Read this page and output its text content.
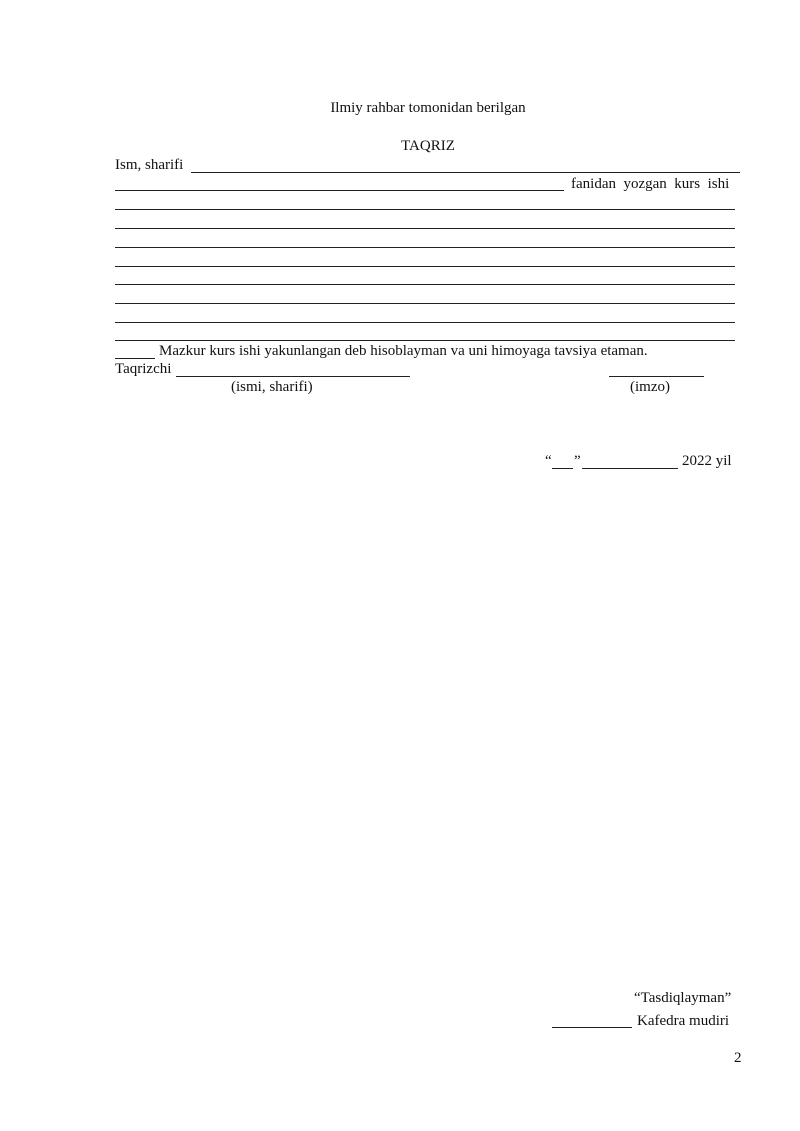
Ilmiy rahbar tomonidan berilgan
TAQRIZ
Ism, sharifi
fanidan  yozgan  kurs  ishi
Mazkur kurs ishi yakunlangan deb hisoblayman va uni himoyaga tavsiya etaman.
Taqrizchi
(ismi, sharifi)	(imzo)
“ ”	2022 yil
“Tasdiqlayman”
Kafedra mudiri
2
